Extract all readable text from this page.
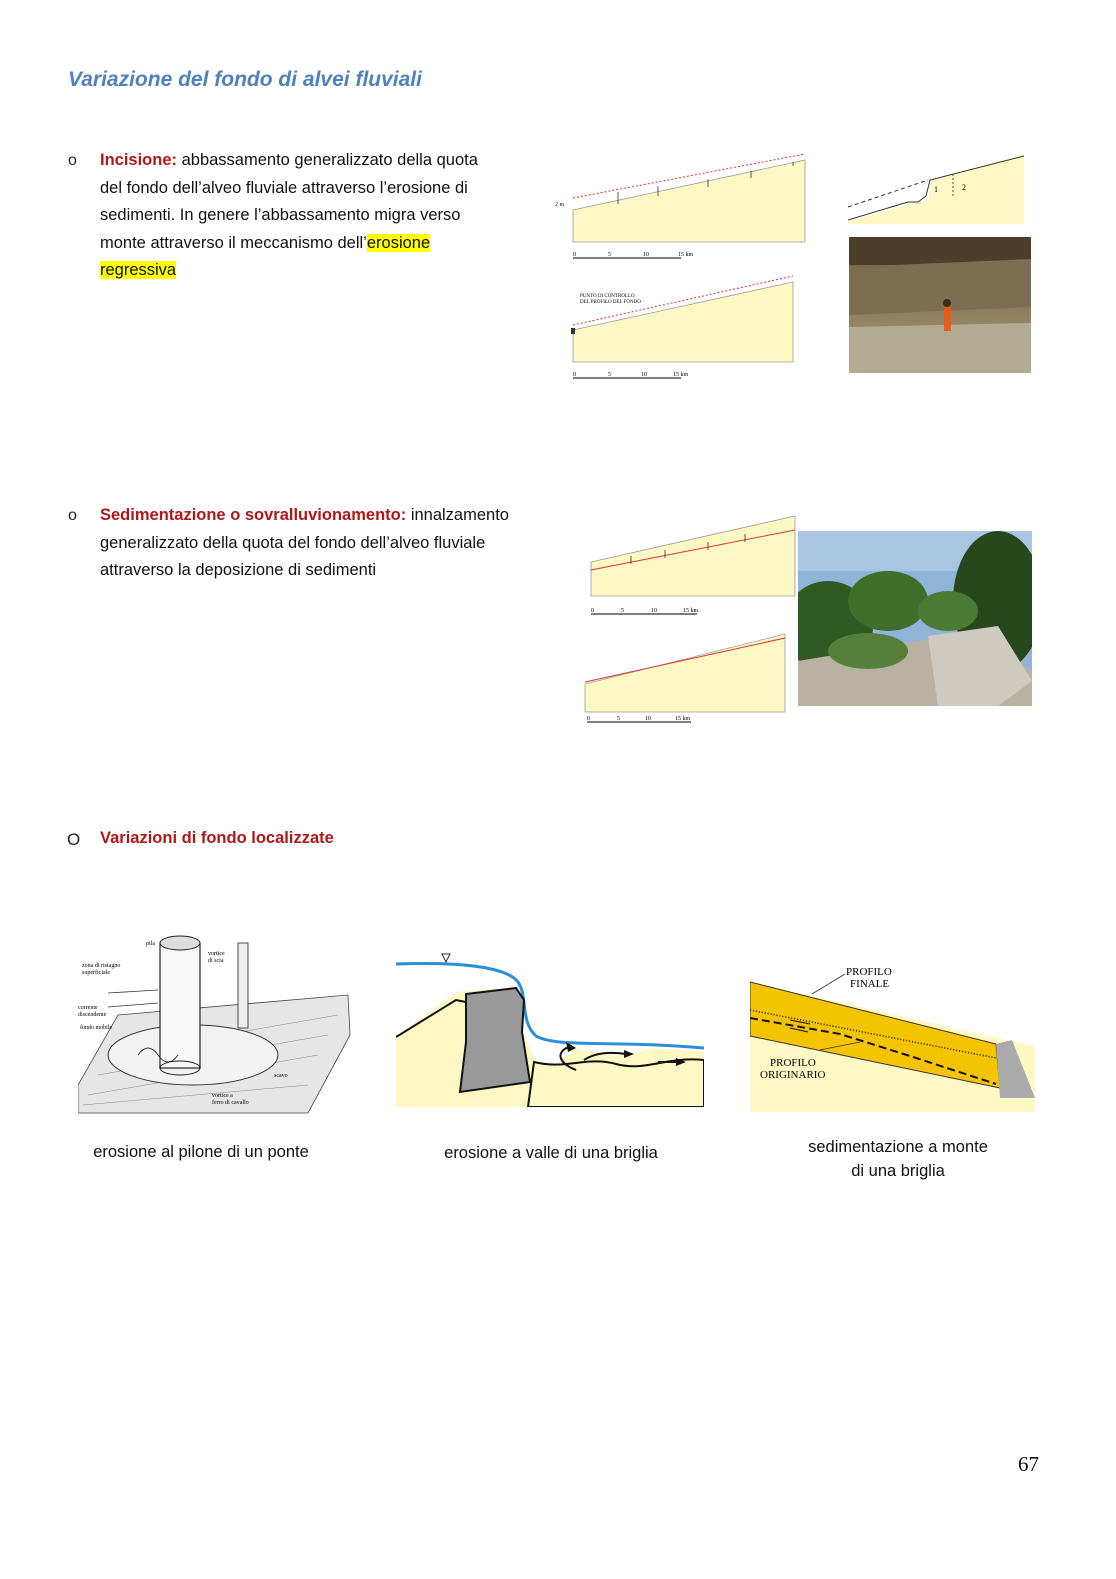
Variazione del fondo di alvei fluviali
o Incisione: abbassamento generalizzato della quota
del fondo dell’alveo fluviale attraverso l’erosione di
sedimenti. In genere l’abbassamento migra verso
monte attraverso il meccanismo dell’erosione
regressiva
2 m
0	5	10	15 km
PUNTO DI CONTROLLO
DEL PROFILO DEL FONDO
0	5	10	15 km
1	2
o Sedimentazione o sovralluvionamento: innalzamento
generalizzato della quota del fondo dell’alveo fluviale
attraverso la deposizione di sedimenti
0	5	10	15 km
0	5	10	15 km
O Variazioni di fondo localizzate
pila
vortice
di scia
zona di ristagno
superficiale
corrente
discendente
fondo mobile
scavo
vortice a
ferro di cavallo
PROFILO
FINALE
PROFILO
ORIGINARIO
erosione al pilone di un ponte	erosione a valle di una briglia	sedimentazione a monte
di una briglia
67
